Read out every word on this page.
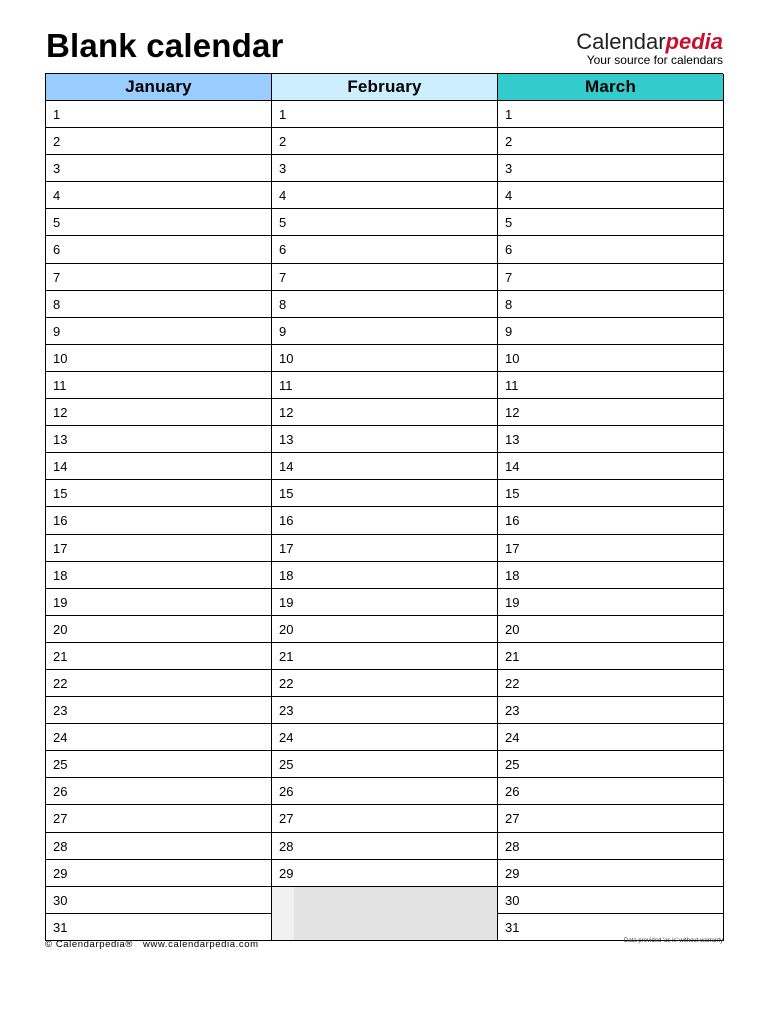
Blank calendar	Calendarpedia
Your source for calendars
January
1
2
3
4
5
6
7
8
9
10
11
12
13
14
15
16
17
18
19
20
21
22
23
24
25
26
27
28
29
30
31
February
1
2
3
4
5
6
7
8
9
10
11
12
13
14
15
16
17
18
19
20
21
22
23
24
25
26
27
28
29
March
1
2
3
4
5
6
7
8
9
10
11
12
13
14
15
16
17
18
19
20
21
22
23
24
25
26
27
28
29
30
31
© Calendarpedia® www.calendarpedia.com	Data provided 'as is' without warranty
